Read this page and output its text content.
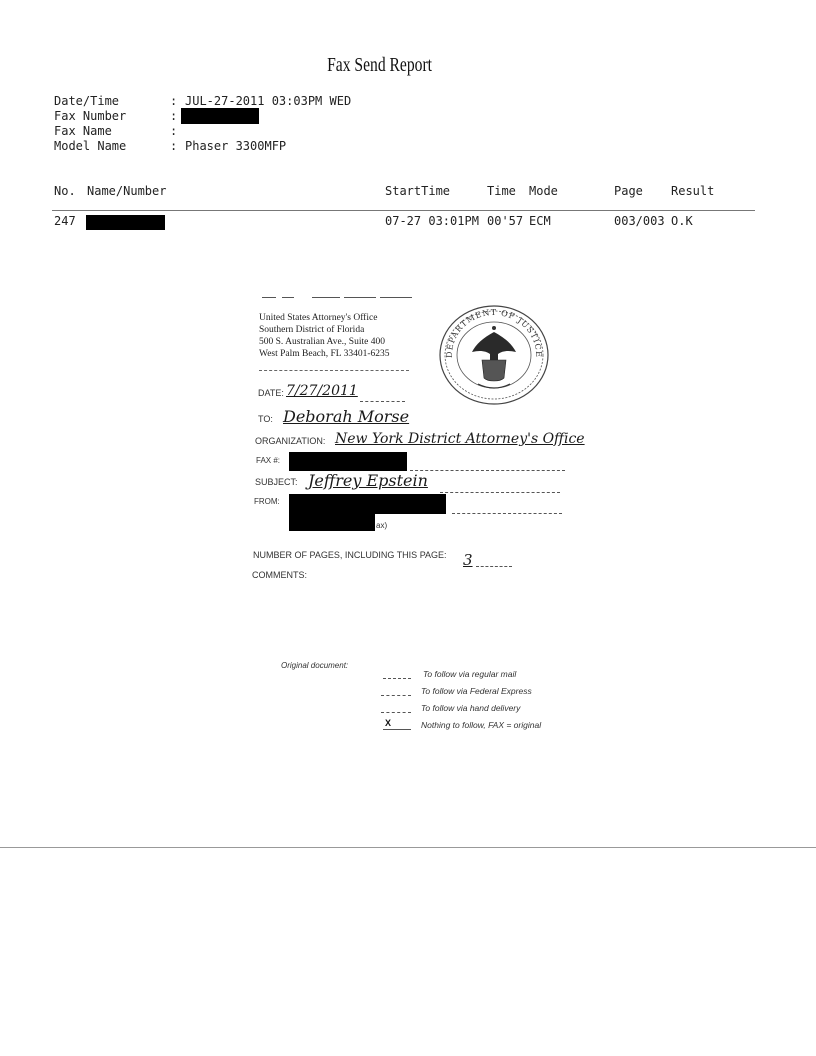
Fax Send Report
Date/Time	: JUL-27-2011 03:03PM WED
Fax Number	:
Fax Name	:
Model Name	: Phaser 3300MFP
No. Name/Number	StartTime	Time Mode	Page Result
247	07-27 03:01PM 00'57 ECM	003/003 O.K
United States Attorney's Office
Southern District of Florida
500 S. Australian Ave., Suite 400
West Palm Beach, FL 33401-6235	DEPARTMENT OF JUSTICE
DATE: 7/27/2011
TO: Deborah Morse
ORGANIZATION: New York District Attorney's Office
FAX #:
SUBJECT: Jeffrey Epstein
FROM:
ax)
NUMBER OF PAGES, INCLUDING THIS PAGE: 3
COMMENTS:
Original document:
To follow via regular mail
To follow via Federal Express
To follow via hand delivery
X	Nothing to follow, FAX = original
